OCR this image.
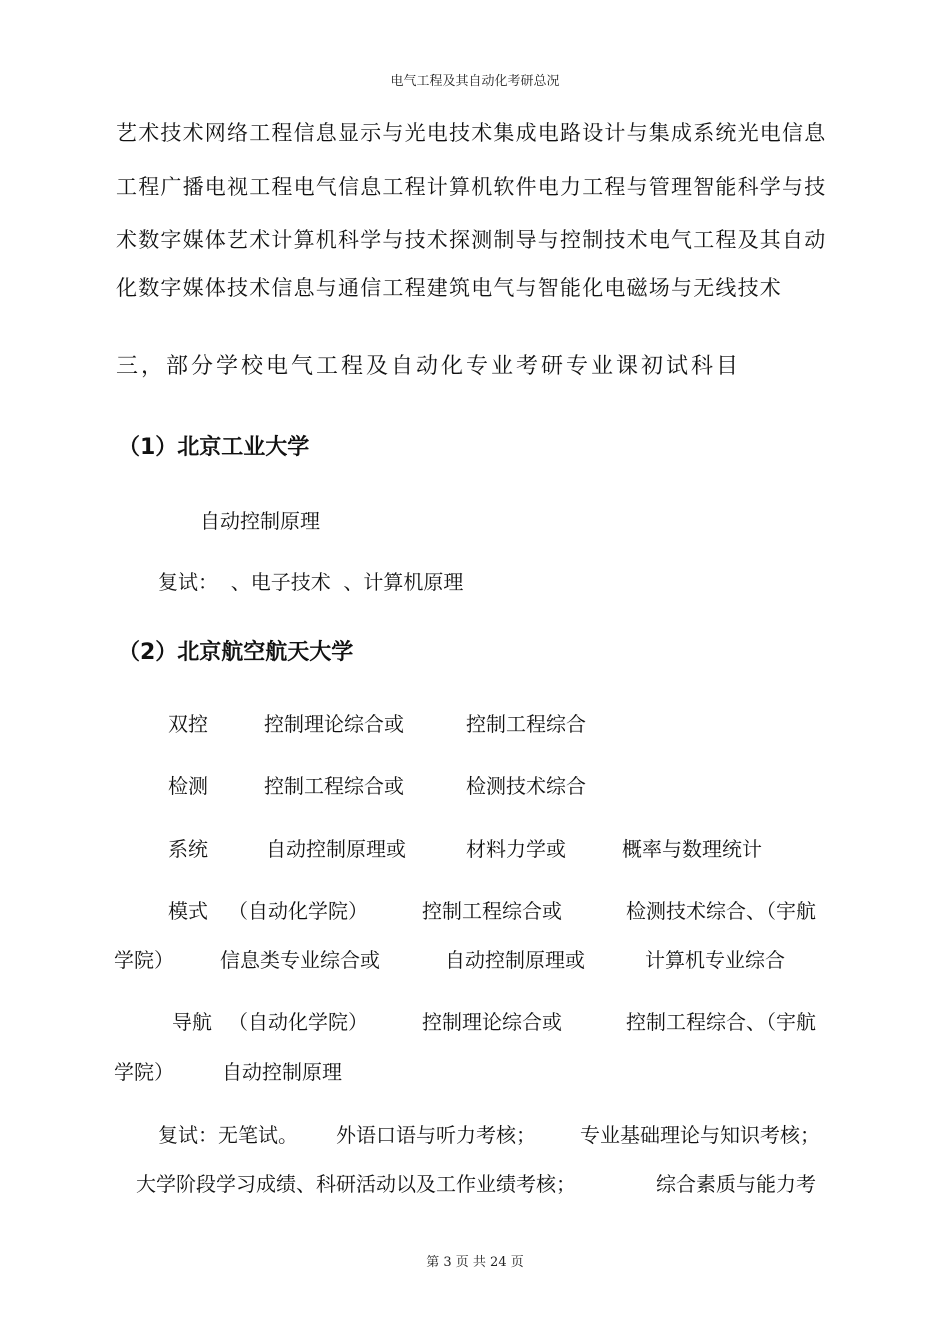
电气工程及其自动化考研总况
艺术技术网络工程信息显示与光电技术集成电路设计与集成系统光电信息
工程广播电视工程电气信息工程计算机软件电力工程与管理智能科学与技
术数字媒体艺术计算机科学与技术探测制导与控制技术电气工程及其自动
化数字媒体技术信息与通信工程建筑电气与智能化电磁场与无线技术
三，部分学校电气工程及自动化专业考研专业课初试科目
（1）北京工业大学
自动控制原理
复试：  、电子技术  、计算机原理
（2）北京航空航天大学
双控	控制理论综合或	控制工程综合
检测	控制工程综合或	检测技术综合
系统	自动控制原理或	材料力学或	概率与数理统计
模式 （自动化学院）	控制工程综合或	检测技术综合、（宇航
学院） 信息类专业综合或	自动控制原理或	计算机专业综合
导航 （自动化学院）	控制理论综合或	控制工程综合、（宇航
学院） 自动控制原理
复试：无笔试。 外语口语与听力考核； 专业基础理论与知识考核；
大学阶段学习成绩、科研活动以及工作业绩考核；	综合素质与能力考
第 3 页 共 24 页
